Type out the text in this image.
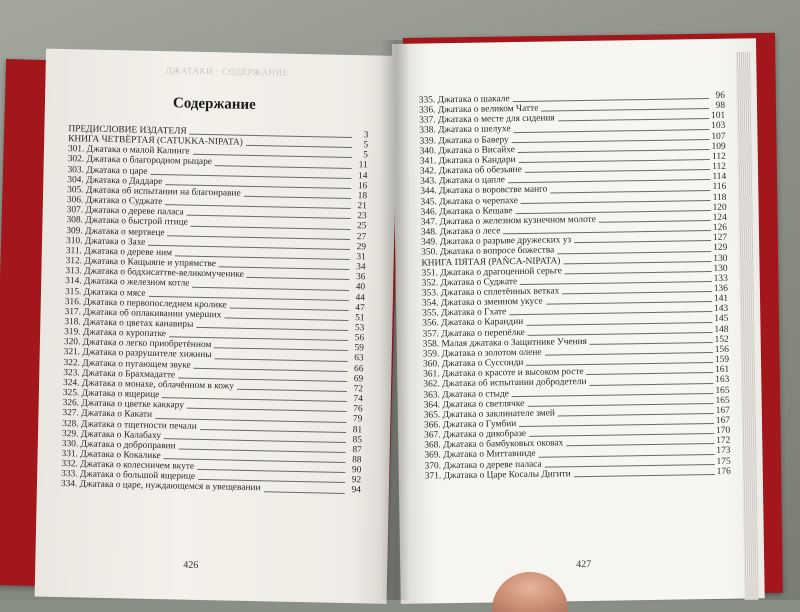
ДЖАТАКИ · СОДЕРЖАНИЕ
Содержание
ПРЕДИСЛОВИЕ ИЗДАТЕЛЯ	3
КНИГА ЧЕТВЁРТАЯ (CATUKKA-NIPATA)	5
301. Джатака о малой Калинге	5
302. Джатака о благородном рыцаре	11
303. Джатака о царе	14
304. Джатака о Даддаре	16
305. Джатака об испытании на благонравие	18
306. Джатака о Суджате	21
307. Джатака о дереве паласа	23
308. Джатака о быстрой птице	25
309. Джатака о мертвеце	27
310. Джатака о Захе	29
311. Джатака о дереве ним	31
312. Джатака о Кащыяпе и упрямстве	34
313. Джатака о бодхисаттве-великомученике	36
314. Джатака о железном котле	40
315. Джатака о мясе	44
316. Джатака о первопоследнем кролике	47
317. Джатака об оплакивании умерших	51
318. Джатака о цветах канавиры	53
319. Джатака о куропатке	56
320. Джатака о легко приобретённом	59
321. Джатака о разрушителе хижины	63
322. Джатака о пугающем звуке	66
323. Джатака о Брахмадатте	69
324. Джатака о монахе, облачённом в кожу	72
325. Джатака о ящерице	74
326. Джатака о цветке каккару	76
327. Джатака о Какати	79
328. Джатака о тщетности печали	81
329. Джатака о Калабаху	85
330. Джатака о доброправии	87
331. Джатака о Кокалике	88
332. Джатака о колесничем вкуте	90
333. Джатака о большой ящерице	92
334. Джатака о царе, нуждающемся в увещевании	94
426
335. Джатака о шакале	96
336. Джатака о великом Чатте	98
337. Джатака о месте для сидения	101
338. Джатака о шелухе	103
339. Джатака о Баверу	107
340. Джатака о Висайхе	109
341. Джатака о Кандари	112
342. Джатака об обезьяне	112
343. Джатака о цапле	114
344. Джатака о воровстве манго	116
345. Джатака о черепахе	118
346. Джатака о Кешаве	120
347. Джатака о железном кузнечном молоте	124
348. Джатака о лесе	126
349. Джатака о разрыве дружеских уз	127
350. Джатака о вопросе божества	129
КНИГА ПЯТАЯ (PAÑCA-NIPATA)	130
351. Джатака о драгоценной серьге	130
352. Джатака о Суджате	133
353. Джатака о сплетённых ветках	136
354. Джатака о змеином укусе	141
355. Джатака о Гхате	143
356. Джатака о Карандии	145
357. Джатака о перепёлке	148
358. Малая джатака о Защитнике Учения	152
359. Джатака о золотом олене	156
360. Джатака о Суссонди	159
361. Джатака о красоте и высоком росте	161
362. Джатака об испытании добродетели	163
363. Джатака о стыде	165
364. Джатака о светлячке	165
365. Джатака о заклинателе змей	167
366. Джатака о Гумбии	167
367. Джатака о дикобразе	170
368. Джатака о бамбуковых оковах	172
369. Джатака о Миттавинде	173
370. Джатака о дереве паласа	175
371. Джатака о Царе Косалы Дигити	176
427
